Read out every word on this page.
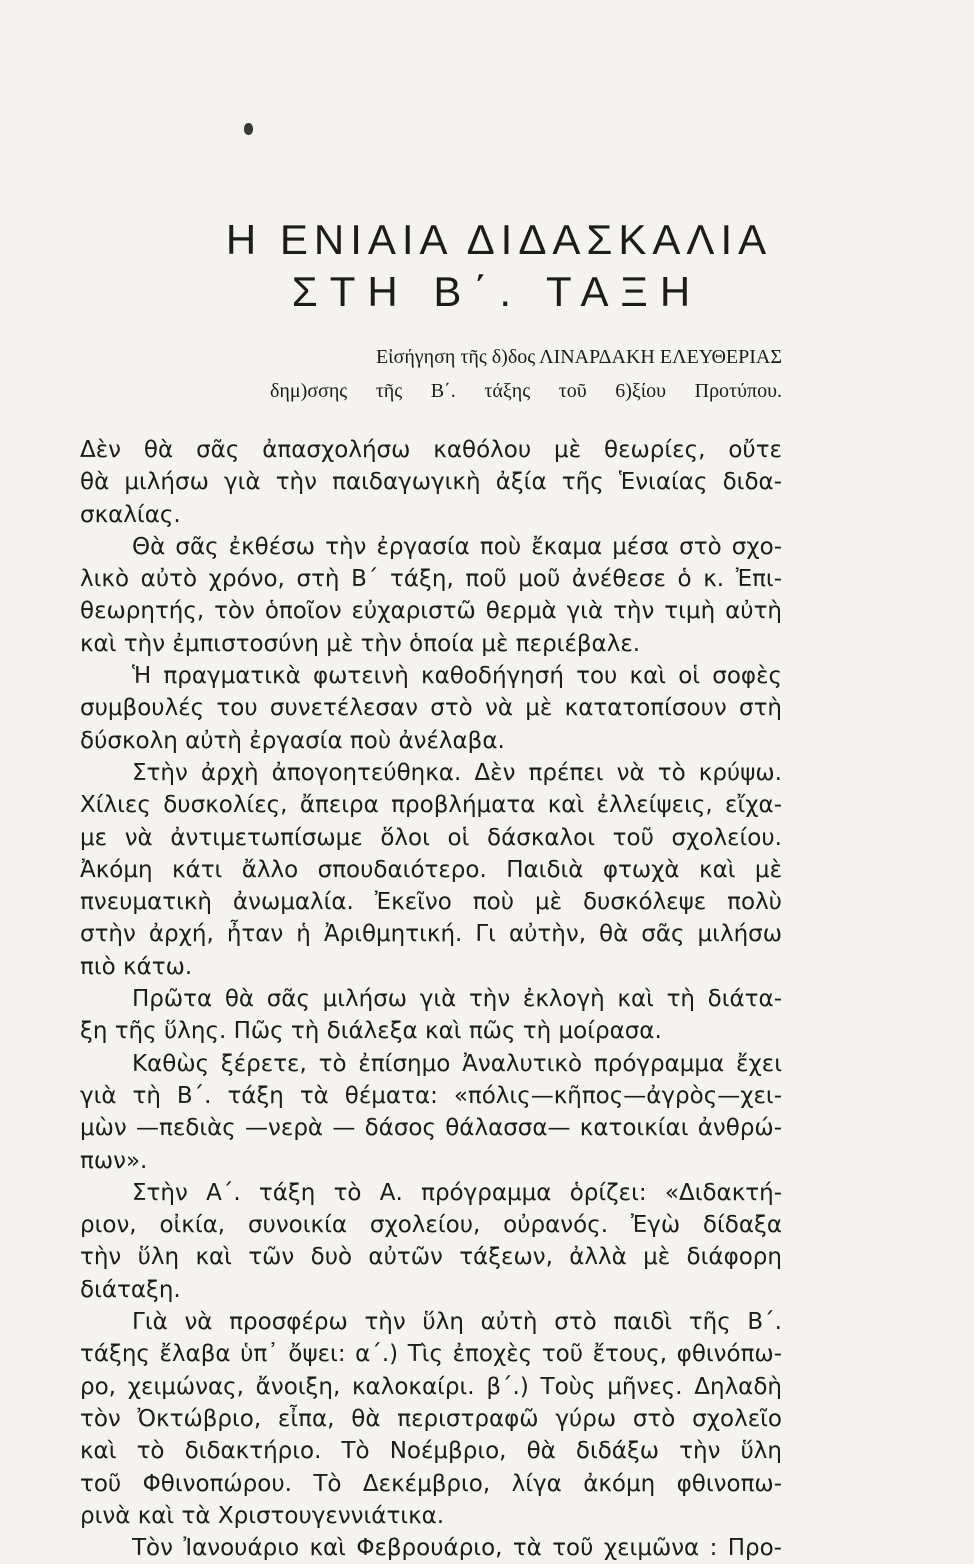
Η ΕΝΙΑΙΑ ΔΙΔΑΣΚΑΛΙΑ
ΣΤΗ Β΄. ΤΑΞΗ
Εἰσήγηση τῆς δ)δος ΛΙΝΑΡΔΑΚΗ ΕΛΕΥΘΕΡΙΑΣ
δημ)σσης τῆς Β΄. τάξης τοῦ 6)ξίου Προτύπου.
Δὲν θὰ σᾶς ἀπασχολήσω καθόλου μὲ θεωρίες, οὔτε
θὰ μιλήσω γιὰ τὴν παιδαγωγικὴ ἀξία τῆς Ἑνιαίας διδα-
σκαλίας.
Θὰ σᾶς ἐκθέσω τὴν ἐργασία ποὺ ἔκαμα μέσα στὸ σχο-
λικὸ αὐτὸ χρόνο, στὴ Β΄ τάξη, ποῦ μοῦ ἀνέθεσε ὁ κ. Ἐπι-
θεωρητής, τὸν ὁποῖον εὐχαριστῶ θερμὰ γιὰ τὴν τιμὴ αὐτὴ
καὶ τὴν ἐμπιστοσύνη μὲ τὴν ὁποία μὲ περιέβαλε.
Ἡ πραγματικὰ φωτεινὴ καθοδήγησή του καὶ οἱ σοφὲς
συμβουλές του συνετέλεσαν στὸ νὰ μὲ κατατοπίσουν στὴ
δύσκολη αὐτὴ ἐργασία ποὺ ἀνέλαβα.
Στὴν ἀρχὴ ἀπογοητεύθηκα. Δὲν πρέπει νὰ τὸ κρύψω.
Χίλιες δυσκολίες, ἄπειρα προβλήματα καὶ ἐλλείψεις, εἴχα-
με νὰ ἀντιμετωπίσωμε ὅλοι οἱ δάσκαλοι τοῦ σχολείου.
Ἀκόμη κάτι ἄλλο σπουδαιότερο. Παιδιὰ φτωχὰ καὶ μὲ
πνευματικὴ ἀνωμαλία. Ἐκεῖνο ποὺ μὲ δυσκόλεψε πολὺ
στὴν ἀρχή, ἦταν ἡ Ἀριθμητική. Γι αὐτὴν, θὰ σᾶς μιλήσω
πιὸ κάτω.
Πρῶτα θὰ σᾶς μιλήσω γιὰ τὴν ἐκλογὴ καὶ τὴ διάτα-
ξη τῆς ὕλης. Πῶς τὴ διάλεξα καὶ πῶς τὴ μοίρασα.
Καθὼς ξέρετε, τὸ ἐπίσημο Ἀναλυτικὸ πρόγραμμα ἔχει
γιὰ τὴ Β΄. τάξη τὰ θέματα: «πόλις—κῆπος—ἀγρὸς—χει-
μὼν —πεδιὰς —νερὰ — δάσος θάλασσα— κατοικίαι ἀνθρώ-
πων».
Στὴν Α΄. τάξη τὸ Α. πρόγραμμα ὁρίζει: «Διδακτή-
ριον, οἰκία, συνοικία σχολείου, οὐρανός. Ἐγὼ δίδαξα
τὴν ὕλη καὶ τῶν δυὸ αὐτῶν τάξεων, ἀλλὰ μὲ διάφορη
διάταξη.
Γιὰ νὰ προσφέρω τὴν ὕλη αὐτὴ στὸ παιδὶ τῆς Β΄.
τάξης ἔλαβα ὑπ᾿ ὄψει: α΄.) Τὶς ἐποχὲς τοῦ ἔτους, φθινόπω-
ρο, χειμώνας, ἄνοιξη, καλοκαίρι. β΄.) Τοὺς μῆνες. Δηλαδὴ
τὸν Ὀκτώβριο, εἶπα, θὰ περιστραφῶ γύρω στὸ σχολεῖο
καὶ τὸ διδακτήριο. Τὸ Νοέμβριο, θὰ διδάξω τὴν ὕλη
τοῦ Φθινοπώρου. Τὸ Δεκέμβριο, λίγα ἀκόμη φθινοπω-
ρινὰ καὶ τὰ Χριστουγεννιάτικα.
Τὸν Ἰανουάριο καὶ Φεβρουάριο, τὰ τοῦ χειμῶνα : Προ-
